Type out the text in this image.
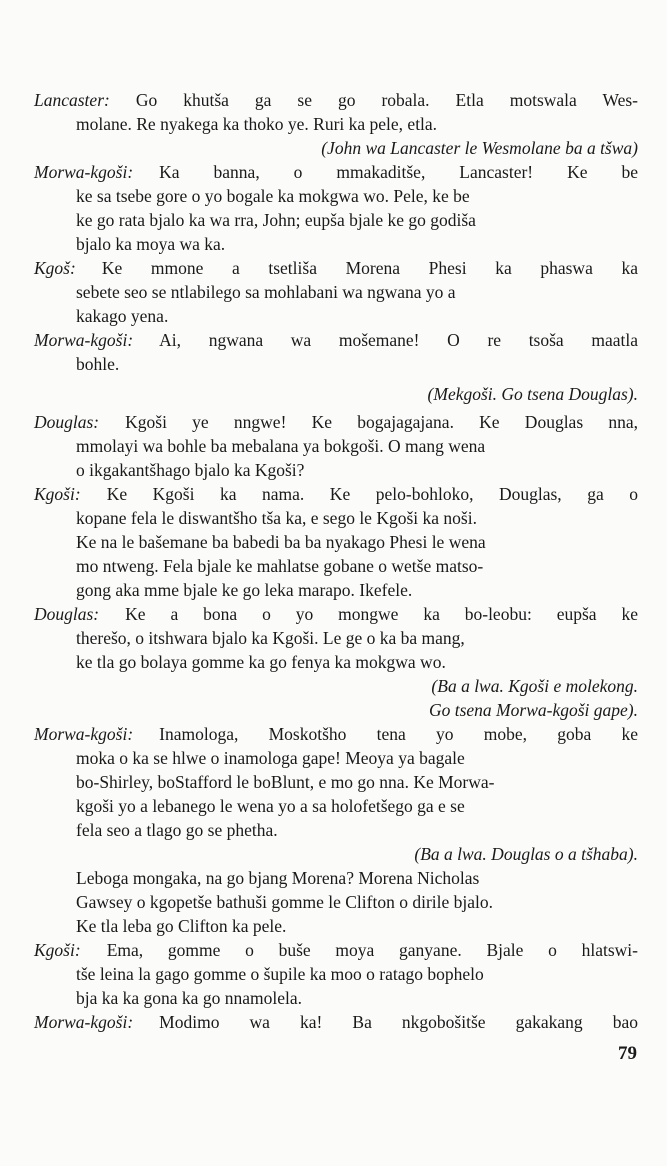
Lancaster:	Go khutša ga se go robala. Etla motswala Wes-
molane. Re nyakega ka thoko ye. Ruri ka pele, etla.
(John wa Lancaster le Wesmolane ba a tšwa)
Morwa-kgoši:	Ka banna, o mmakaditše, Lancaster! Ke be
ke sa tsebe gore o yo bogale ka mokgwa wo. Pele, ke be
ke go rata bjalo ka wa rra, John; eupša bjale ke go godiša
bjalo ka moya wa ka.
Kgoš:	Ke mmone a tsetliša Morena Phesi ka phaswa ka
sebete seo se ntlabilego sa mohlabani wa ngwana yo a
kakago yena.
Morwa-kgoši:	Ai, ngwana wa mošemane! O re tsoša maatla
bohle.
(Mekgoši. Go tsena Douglas).
Douglas:	Kgoši ye nngwe! Ke bogajagajana. Ke Douglas nna,
mmolayi wa bohle ba mebalana ya bokgoši. O mang wena
o ikgakantšhago bjalo ka Kgoši?
Kgoši:	Ke Kgoši ka nama. Ke pelo-bohloko, Douglas, ga o
kopane fela le diswantšho tša ka, e sego le Kgoši ka noši.
Ke na le bašemane ba babedi ba ba nyakago Phesi le wena
mo ntweng. Fela bjale ke mahlatse gobane o wetše matso-
gong aka mme bjale ke go leka marapo. Ikefele.
Douglas:	Ke a bona o yo mongwe ka bo-leobu: eupša ke
therešo, o itshwara bjalo ka Kgoši. Le ge o ka ba mang,
ke tla go bolaya gomme ka go fenya ka mokgwa wo.
(Ba a lwa. Kgoši e molekong.
Go tsena Morwa-kgoši gape).
Morwa-kgoši:	Inamologa, Moskotšho tena yo mobe, goba ke
moka o ka se hlwe o inamologa gape! Meoya ya bagale
bo-Shirley, boStafford le boBlunt, e mo go nna. Ke Morwa-
kgoši yo a lebanego le wena yo a sa holofetšego ga e se
fela seo a tlago go se phetha.
(Ba a lwa. Douglas o a tšhaba).
Leboga mongaka, na go bjang Morena? Morena Nicholas
Gawsey o kgopetše bathuši gomme le Clifton o dirile bjalo.
Ke tla leba go Clifton ka pele.
Kgoši:	Ema, gomme o buše moya ganyane. Bjale o hlatswi-
tše leina la gago gomme o šupile ka moo o ratago bophelo
bja ka ka gona ka go nnamolela.
Morwa-kgoši:	Modimo wa ka! Ba nkgobošitše gakakang bao
79
